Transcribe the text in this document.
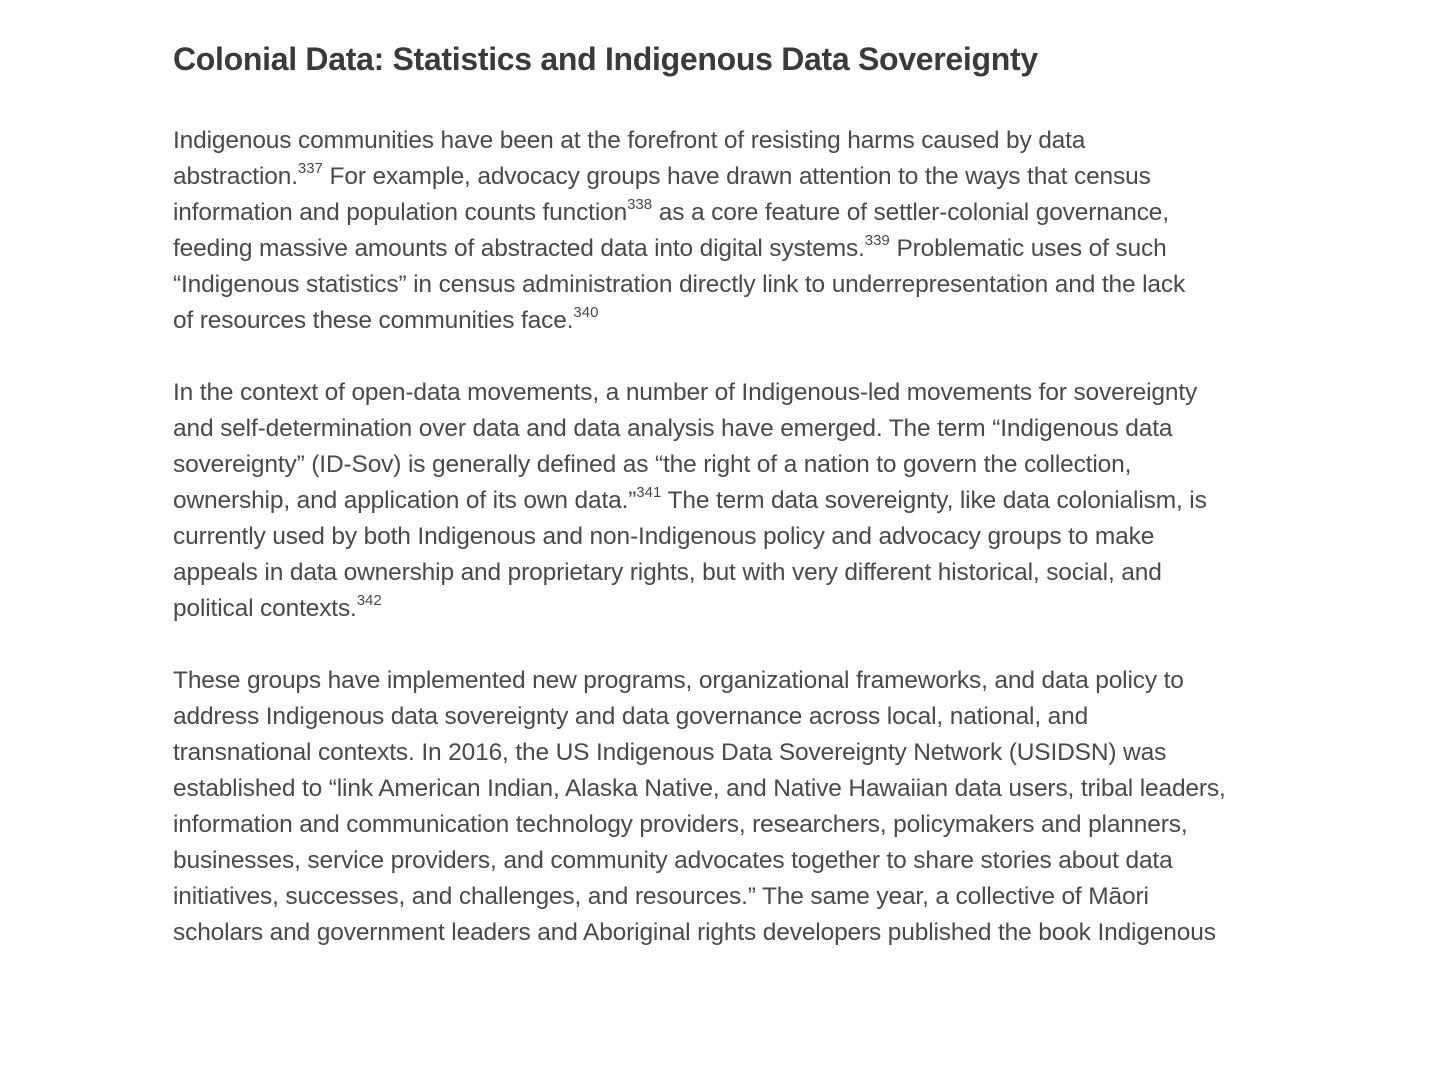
Colonial Data: Statistics and Indigenous Data Sovereignty

Indigenous communities have been at the forefront of resisting harms caused by data
abstraction.$^{337}$ For example, advocacy groups have drawn attention to the ways that census
information and population counts function$^{338}$ as a core feature of settler-colonial governance,
feeding massive amounts of abstracted data into digital systems.$^{339}$ Problematic uses of such
“Indigenous statistics” in census administration directly link to underrepresentation and the lack
of resources these communities face.$^{340}$

In the context of open-data movements, a number of Indigenous-led movements for sovereignty
and self-determination over data and data analysis have emerged. The term “Indigenous data
sovereignty” (ID-Sov) is generally defined as “the right of a nation to govern the collection,
ownership, and application of its own data.”$^{341}$ The term data sovereignty, like data colonialism, is
currently used by both Indigenous and non-Indigenous policy and advocacy groups to make
appeals in data ownership and proprietary rights, but with very different historical, social, and
political contexts.$^{342}$

These groups have implemented new programs, organizational frameworks, and data policy to
address Indigenous data sovereignty and data governance across local, national, and
transnational contexts. In 2016, the US Indigenous Data Sovereignty Network (USIDSN) was
established to “link American Indian, Alaska Native, and Native Hawaiian data users, tribal leaders,
information and communication technology providers, researchers, policymakers and planners,
businesses, service providers, and community advocates together to share stories about data
initiatives, successes, and challenges, and resources.” The same year, a collective of Māori
scholars and government leaders and Aboriginal rights developers published the book Indigenous
